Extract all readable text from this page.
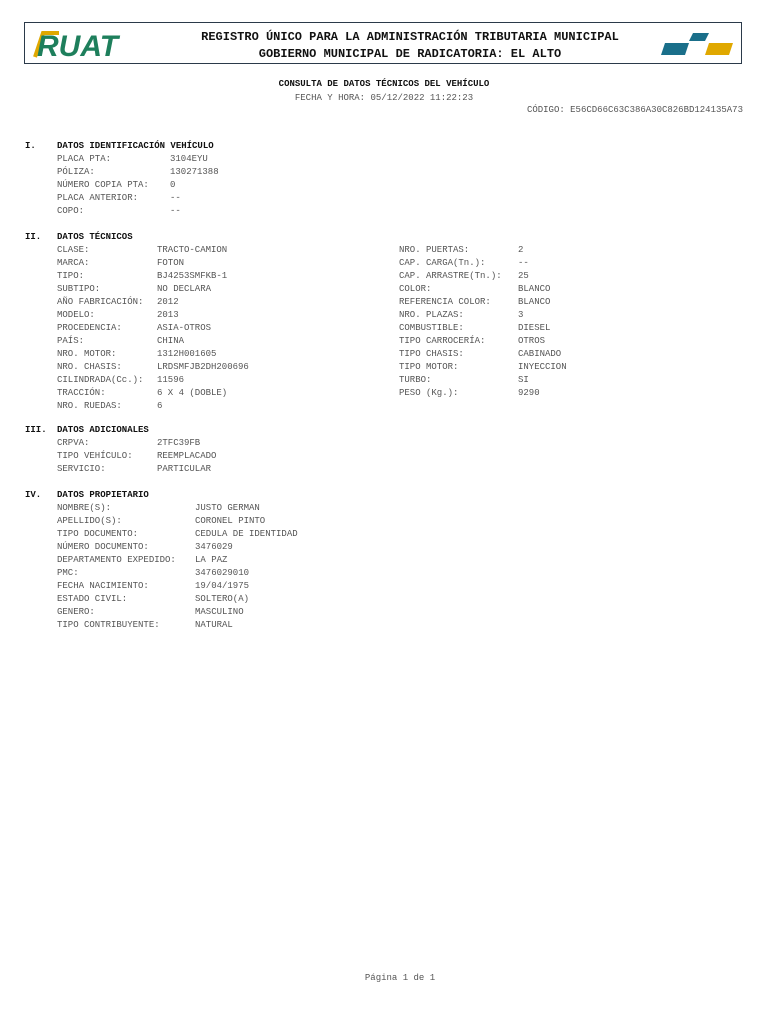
RUAT	REGISTRO ÚNICO PARA LA ADMINISTRACIÓN TRIBUTARIA MUNICIPAL
GOBIERNO MUNICIPAL DE RADICATORIA: EL ALTO
CONSULTA DE DATOS TÉCNICOS DEL VEHÍCULO
FECHA Y HORA: 05/12/2022 11:22:23
CÓDIGO: E56CD66C63C386A30C826BD124135A73
I. DATOS IDENTIFICACIÓN VEHÍCULO
II. DATOS TÉCNICOS
III. DATOS ADICIONALES
IV. DATOS PROPIETARIO
PLACA PTA:	3104EYU
PÓLIZA:	130271388
NÚMERO COPIA PTA: 0
PLACA ANTERIOR:	--
COPO:	--
CLASE:	TRACTO-CAMION
MARCA:	FOTON
TIPO:	BJ4253SMFKB-1
SUBTIPO:	NO DECLARA
AÑO FABRICACIÓN: 2012
MODELO:	2013
PROCEDENCIA:	ASIA-OTROS
PAÍS:	CHINA
NRO. MOTOR:	1312H001605
NRO. CHASIS:	LRDSMFJB2DH200696
CILINDRADA(Cc.): 11596
TRACCIÓN:	6 X 4 (DOBLE)
NRO. RUEDAS:	6
NRO. PUERTAS:	2
CAP. CARGA(Tn.):	--
CAP. ARRASTRE(Tn.): 25
COLOR:	BLANCO
REFERENCIA COLOR:	BLANCO
NRO. PLAZAS:	3
COMBUSTIBLE:	DIESEL
TIPO CARROCERÍA:	OTROS
TIPO CHASIS:	CABINADO
TIPO MOTOR:	INYECCION
TURBO:	SI
PESO (Kg.):	9290
CRPVA:	2TFC39FB
TIPO VEHÍCULO:	REEMPLACADO
SERVICIO:	PARTICULAR
NOMBRE(S):	JUSTO GERMAN
APELLIDO(S):	CORONEL PINTO
TIPO DOCUMENTO:	CEDULA DE IDENTIDAD
NÚMERO DOCUMENTO:	3476029
DEPARTAMENTO EXPEDIDO: LA PAZ
PMC:	3476029010
FECHA NACIMIENTO:	19/04/1975
ESTADO CIVIL:	SOLTERO(A)
GENERO:	MASCULINO
TIPO CONTRIBUYENTE:	NATURAL
Página 1 de 1
